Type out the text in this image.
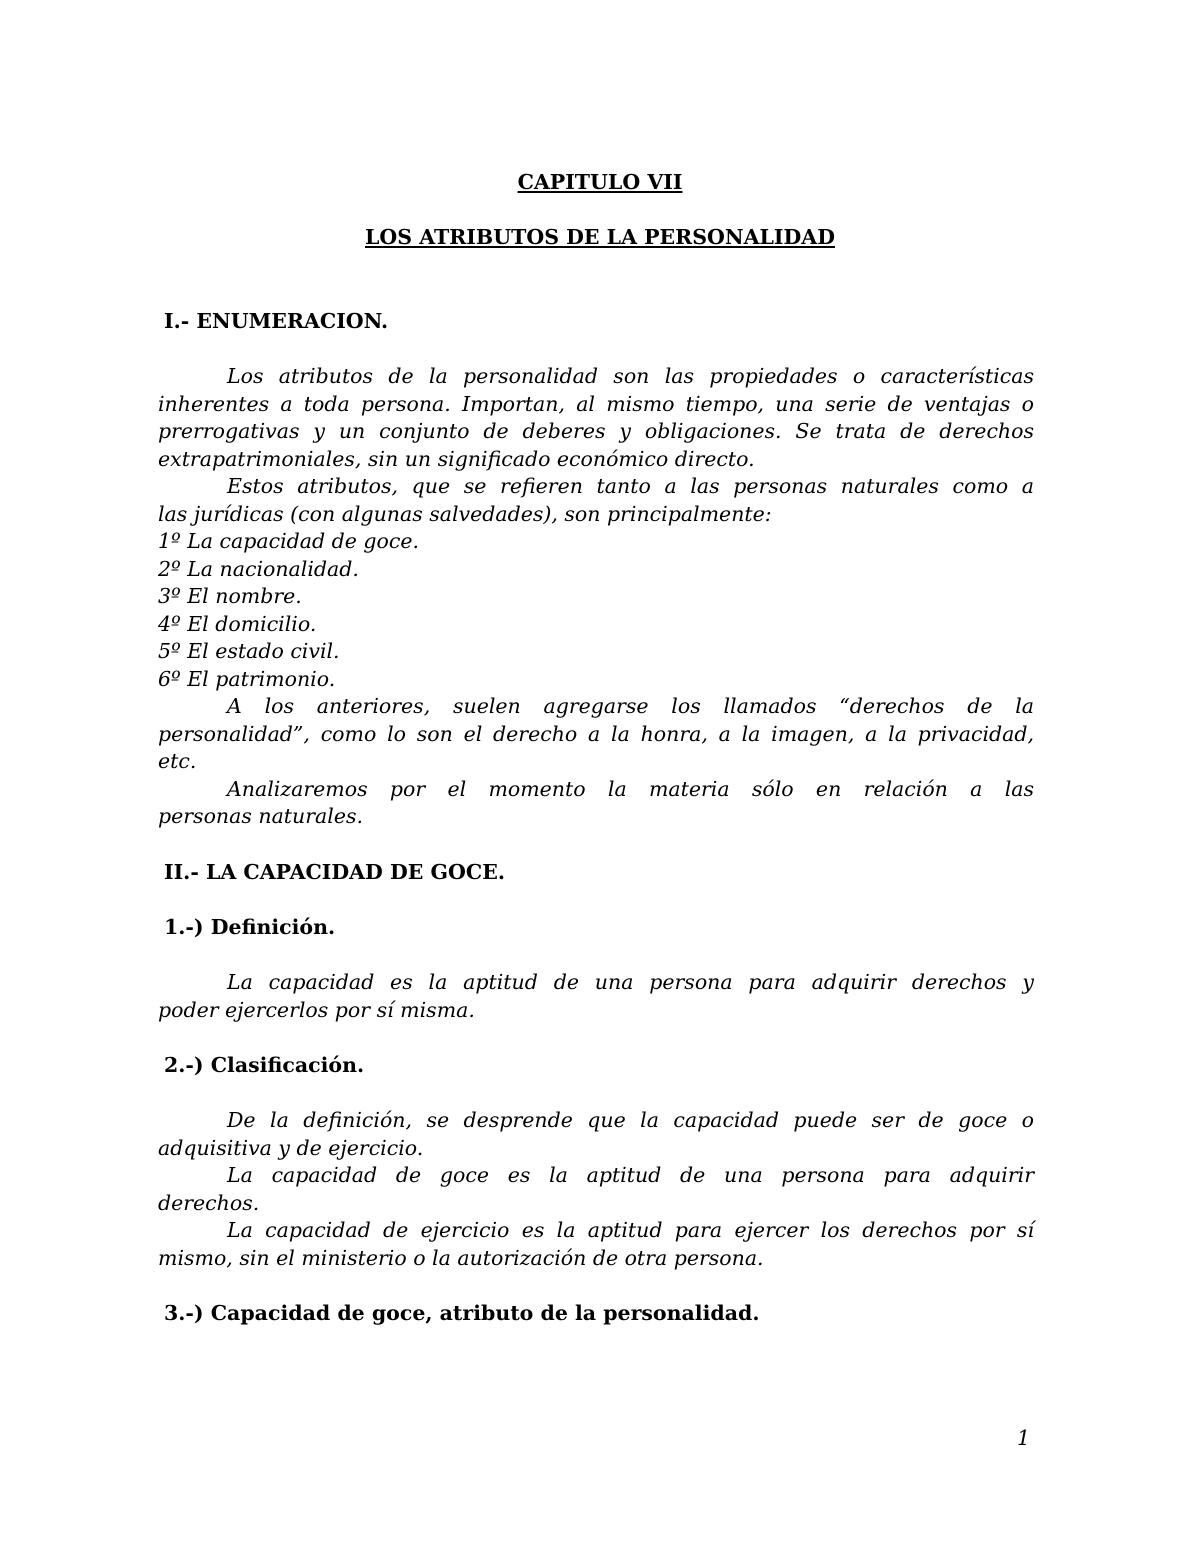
CAPITULO VII
LOS ATRIBUTOS DE LA PERSONALIDAD
I.- ENUMERACION.
Los atributos de la personalidad son las propiedades o características
inherentes a toda persona. Importan, al mismo tiempo, una serie de ventajas o
prerrogativas y un conjunto de deberes y obligaciones. Se trata de derechos
extrapatrimoniales, sin un significado económico directo.
Estos atributos, que se refieren tanto a las personas naturales como a
las jurídicas (con algunas salvedades), son principalmente:
1º La capacidad de goce.
2º La nacionalidad.
3º El nombre.
4º El domicilio.
5º El estado civil.
6º El patrimonio.
A los anteriores, suelen agregarse los llamados “derechos de la
personalidad”, como lo son el derecho a la honra, a la imagen, a la privacidad,
etc.
Analizaremos por el momento la materia sólo en relación a las
personas naturales.
II.- LA CAPACIDAD DE GOCE.
1.-) Definición.
La capacidad es la aptitud de una persona para adquirir derechos y
poder ejercerlos por sí misma.
2.-) Clasificación.
De la definición, se desprende que la capacidad puede ser de goce o
adquisitiva y de ejercicio.
La capacidad de goce es la aptitud de una persona para adquirir
derechos.
La capacidad de ejercicio es la aptitud para ejercer los derechos por sí
mismo, sin el ministerio o la autorización de otra persona.
3.-) Capacidad de goce, atributo de la personalidad.
1
